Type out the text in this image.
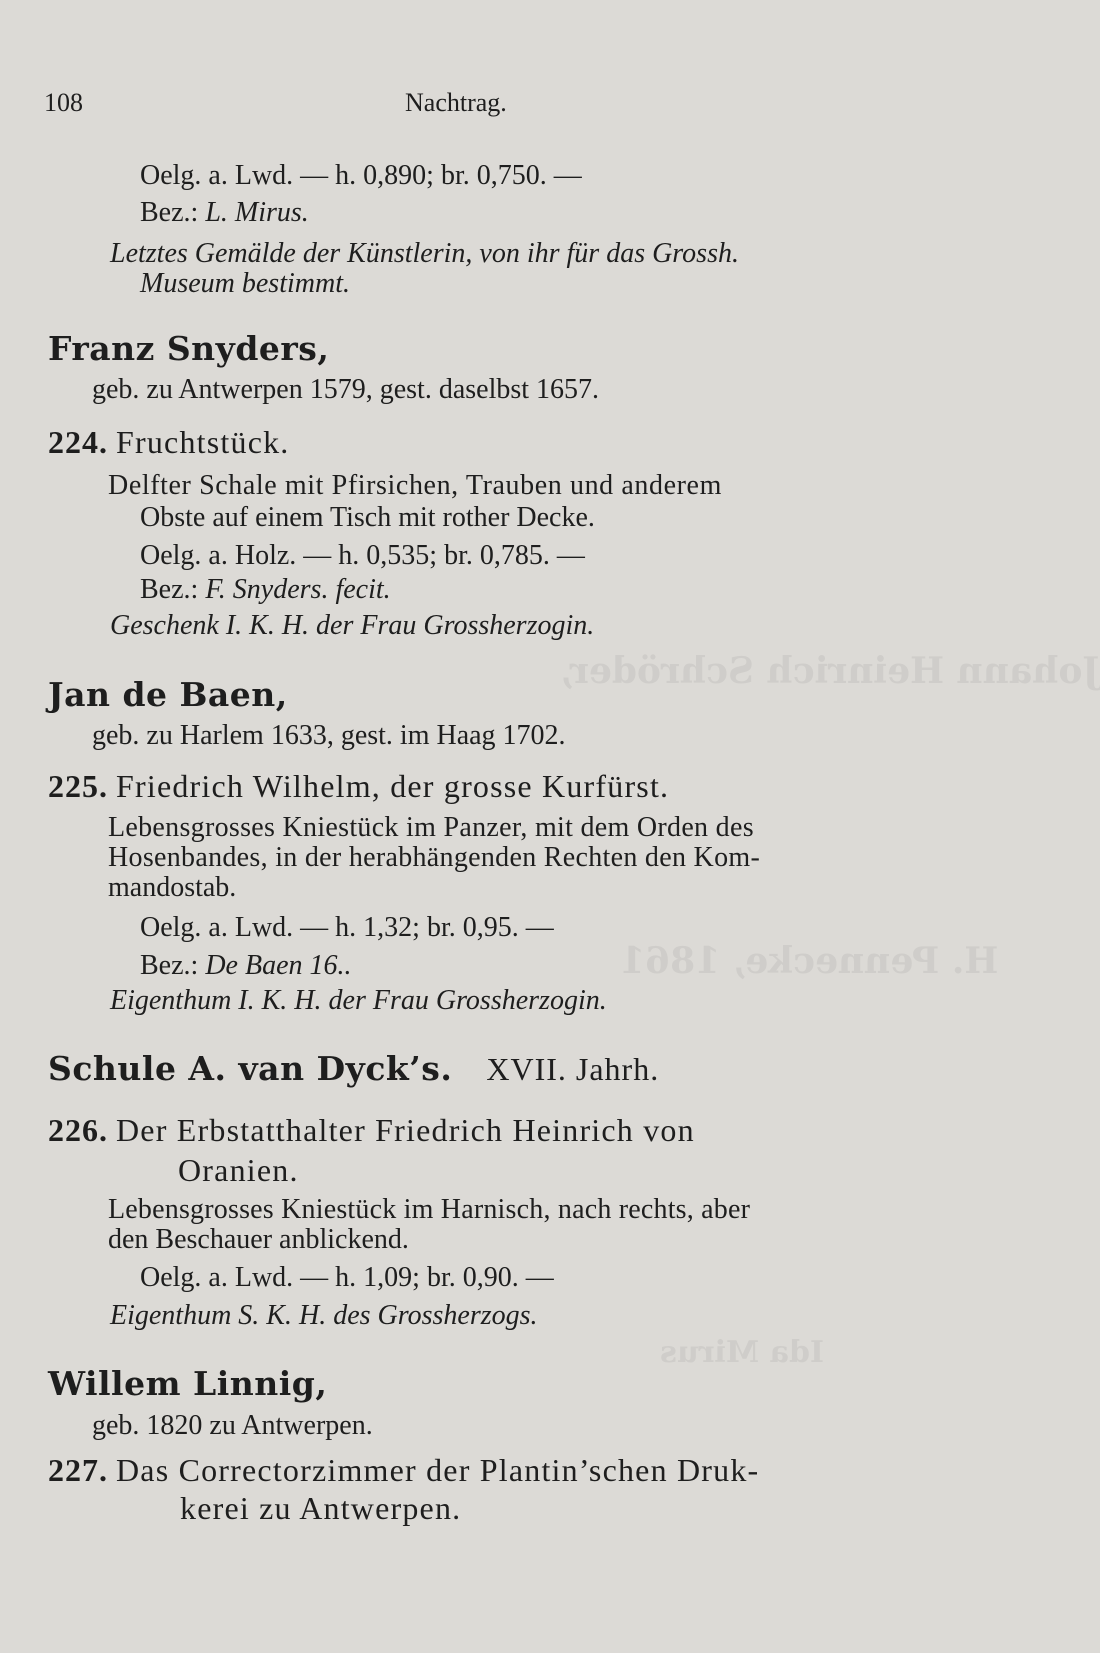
Johann Heinrich Schröder,
H. Pennecke, 1861
Ida Mirus
108	Nachtrag.
Oelg. a. Lwd. — h. 0,890; br. 0,750. —
Bez.: L. Mirus.
Letztes Gemälde der Künstlerin, von ihr für das Grossh.
Museum bestimmt.
Franz Snyders,
geb. zu Antwerpen 1579, gest. daselbst 1657.
224. Fruchtstück.
Delfter Schale mit Pfirsichen, Trauben und anderem
Obste auf einem Tisch mit rother Decke.
Oelg. a. Holz. — h. 0,535; br. 0,785. —
Bez.: F. Snyders. fecit.
Geschenk I. K. H. der Frau Grossherzogin.
Jan de Baen,
geb. zu Harlem 1633, gest. im Haag 1702.
225. Friedrich Wilhelm, der grosse Kurfürst.
Lebensgrosses Kniestück im Panzer, mit dem Orden des
Hosenbandes, in der herabhängenden Rechten den Kom-
mandostab.
Oelg. a. Lwd. — h. 1,32; br. 0,95. —
Bez.: De Baen 16..
Eigenthum I. K. H. der Frau Grossherzogin.
Schule A. van Dyck’s. XVII. Jahrh.
226. Der Erbstatthalter Friedrich Heinrich von
Oranien.
Lebensgrosses Kniestück im Harnisch, nach rechts, aber
den Beschauer anblickend.
Oelg. a. Lwd. — h. 1,09; br. 0,90. —
Eigenthum S. K. H. des Grossherzogs.
Willem Linnig,
geb. 1820 zu Antwerpen.
227. Das Correctorzimmer der Plantin’schen Druk-
kerei zu Antwerpen.
